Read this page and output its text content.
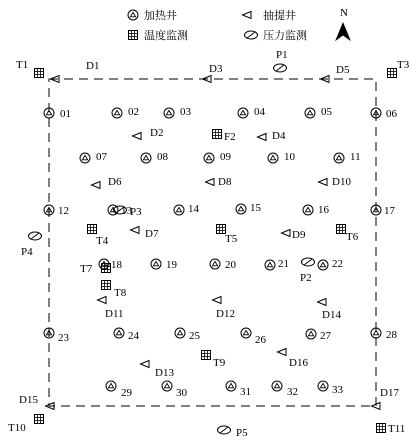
加热井	抽提井
温度监测	压力监测
N
01	02	03	04	05	06
07	08	09	10	11
12	13	14	15	16	17
18	19	20	21	22
23	24	25	26	27	28
29	30	31	32	33
D1
D2
D3
D4
D5
D6
D7
D8
D9
D10
D11	D12
D13
D14
D15
D16
D17
T1
F2
T3
T4	T5	T6
T7
T8
T9
T10	T11
P1
P2
P3
P4
P5
